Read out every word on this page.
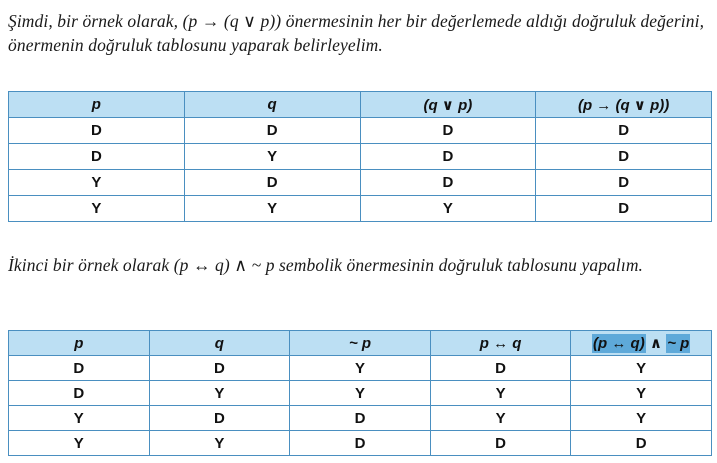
Şimdi, bir örnek olarak, (p → (q ∨ p)) önermesinin her bir değerlemede aldığı doğruluk değerini, önermenin doğruluk tablosunu yaparak belirleyelim.
p	q	(q ∨ p)	(p → (q ∨ p))
D	D	D	D
D	Y	D	D
Y	D	D	D
Y	Y	Y	D
İkinci bir örnek olarak (p ↔ q) ∧ ~ p sembolik önermesinin doğruluk tablosunu yapalım.
p	q	~ p	p ↔ q	(p ↔ q) ∧ ~ p
D	D	Y	D	Y
D	Y	Y	Y	Y
Y	D	D	Y	Y
Y	Y	D	D	D
